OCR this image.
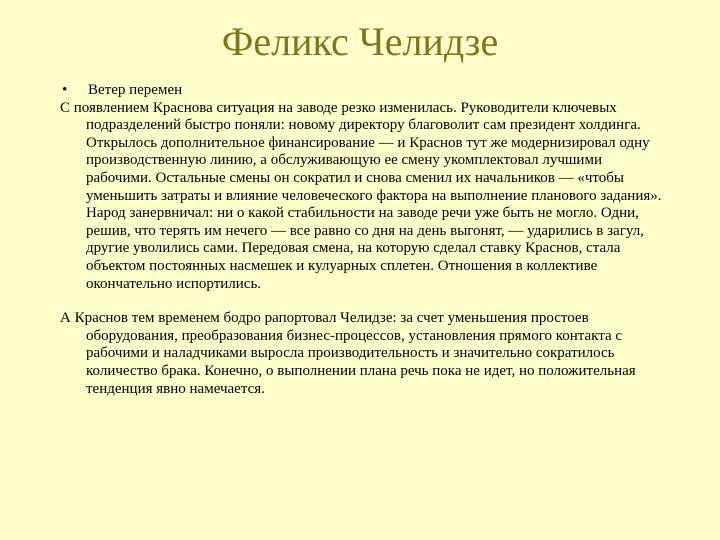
Феликс Челидзе

• Ветер перемен

С появлением Краснова ситуация на заводе резко изменилась. Руководители ключевых подразделений быстро поняли: новому директору благоволит сам президент холдинга. Открылось дополнительное финансирование — и Краснов тут же модернизировал одну производственную линию, а обслуживающую ее смену укомплектовал лучшими рабочими. Остальные смены он сократил и снова сменил их начальников — «чтобы уменьшить затраты и влияние человеческого фактора на выполнение планового задания». Народ занервничал: ни о какой стабильности на заводе речи уже быть не могло. Одни, решив, что терять им нечего — все равно со дня на день выгонят, — ударились в загул, другие уволились сами. Передовая смена, на которую сделал ставку Краснов, стала объектом постоянных насмешек и кулуарных сплетен. Отношения в коллективе окончательно испортились.

А Краснов тем временем бодро рапортовал Челидзе: за счет уменьшения простоев оборудования, преобразования бизнес-процессов, установления прямого контакта с рабочими и наладчиками выросла производительность и значительно сократилось количество брака. Конечно, о выполнении плана речь пока не идет, но положительная тенденция явно намечается.
